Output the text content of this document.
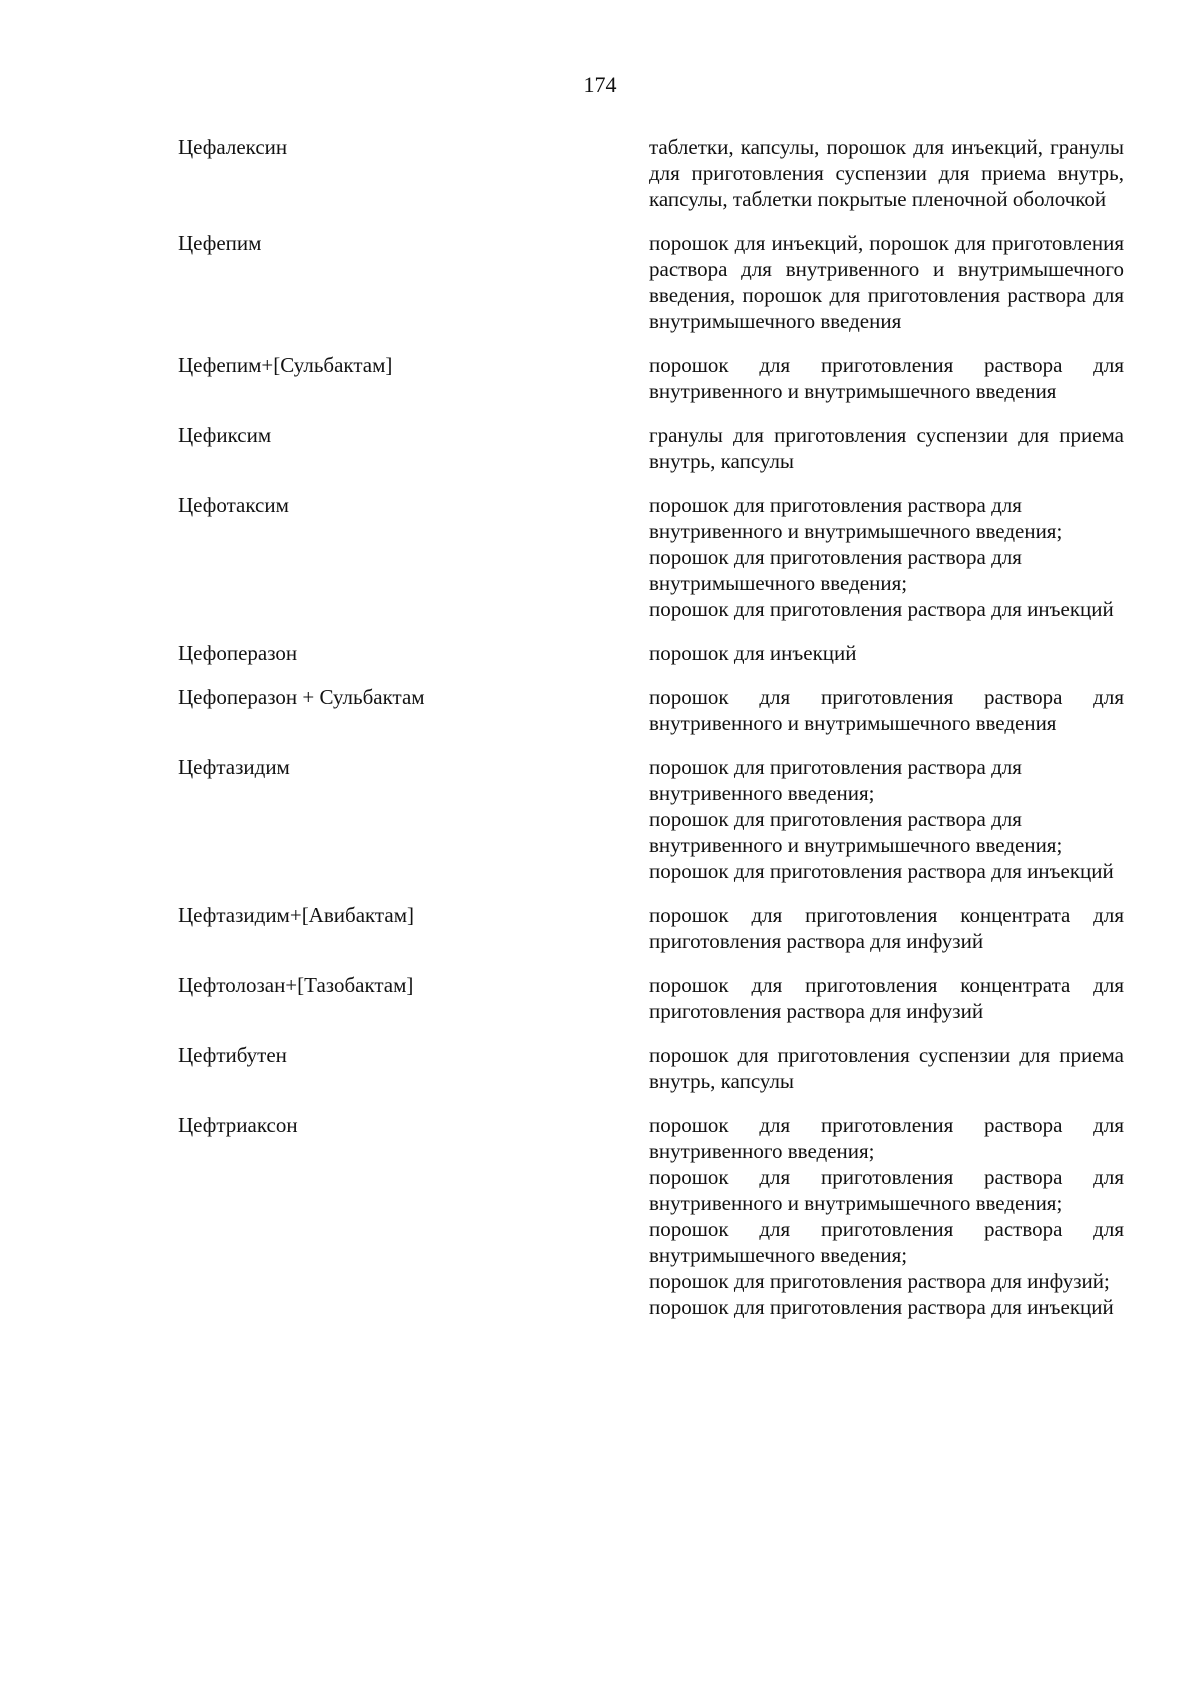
174
Цефалексин	таблетки, капсулы, порошок для инъекций, гранулы для приготовления суспензии для приема внутрь, капсулы, таблетки покрытые пленочной оболочкой
Цефепим	порошок для инъекций, порошок для приготовления раствора для внутривенного и внутримышечного введения, порошок для приготовления раствора для внутримышечного введения
Цефепим+[Сульбактам]	порошок для приготовления раствора для внутривенного и внутримышечного введения
Цефиксим	гранулы для приготовления суспензии для приема внутрь, капсулы
Цефотаксим	порошок для приготовления раствора для внутривенного и внутримышечного введения;
порошок для приготовления раствора для внутримышечного введения;
порошок для приготовления раствора для инъекций
Цефоперазон	порошок для инъекций
Цефоперазон + Сульбактам	порошок для приготовления раствора для внутривенного и внутримышечного введения
Цефтазидим	порошок для приготовления раствора для внутривенного введения;
порошок для приготовления раствора для внутривенного и внутримышечного введения;
порошок для приготовления раствора для инъекций
Цефтазидим+[Авибактам]	порошок для приготовления концентрата для приготовления раствора для инфузий
Цефтолозан+[Тазобактам]	порошок для приготовления концентрата для приготовления раствора для инфузий
Цефтибутен	порошок для приготовления суспензии для приема внутрь, капсулы
Цефтриаксон	порошок для приготовления раствора для внутривенного введения;
порошок для приготовления раствора для внутривенного и внутримышечного введения;
порошок для приготовления раствора для внутримышечного введения;
порошок для приготовления раствора для инфузий;
порошок для приготовления раствора для инъекций
